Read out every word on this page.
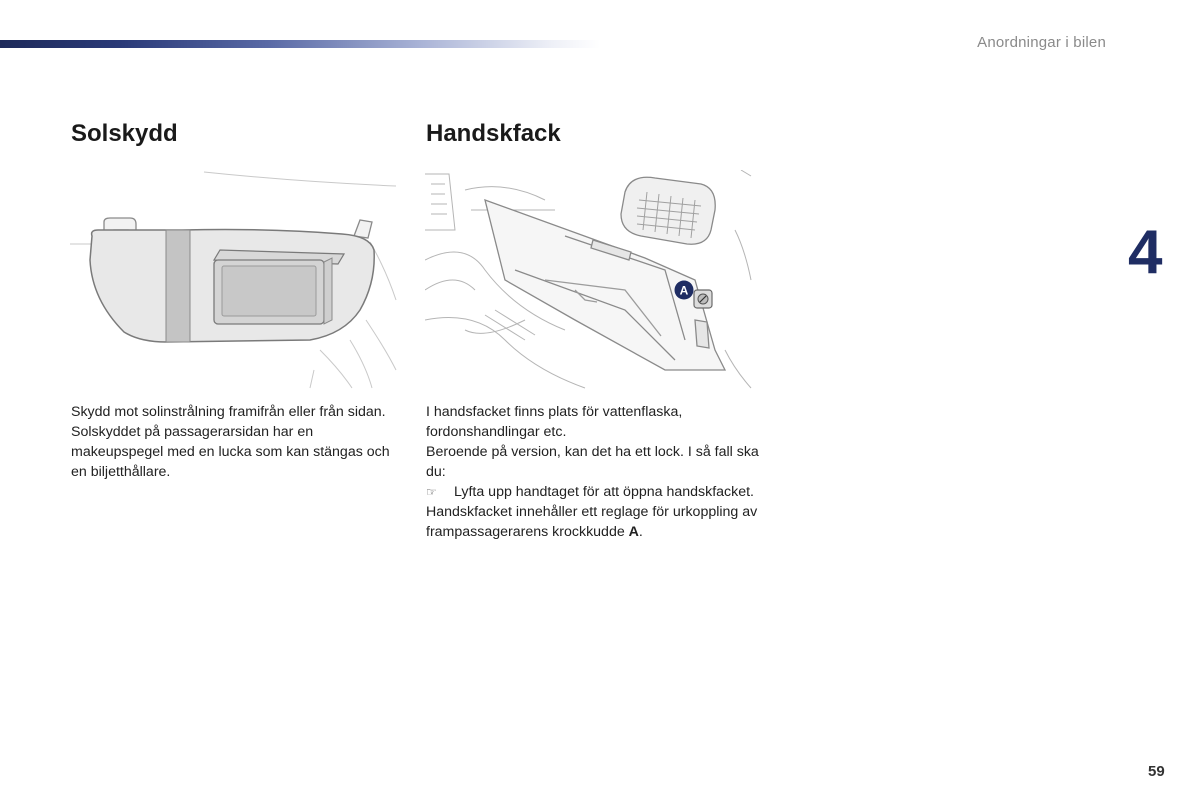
Anordningar i bilen
4
Solskydd	Handskfack
A

Skydd mot solinstrålning framifrån eller från sidan.

Solskyddet på passagerarsidan har en makeupspegel med en lucka som kan stängas och en biljetthållare.

I handsfacket finns plats för vattenflaska, fordonshandlingar etc.

Beroende på version, kan det ha ett lock. I så fall ska du:

☞	Lyfta upp handtaget för att öppna handskfacket.

Handskfacket innehåller ett reglage för urkoppling av frampassagerarens krockkudde A.

59
